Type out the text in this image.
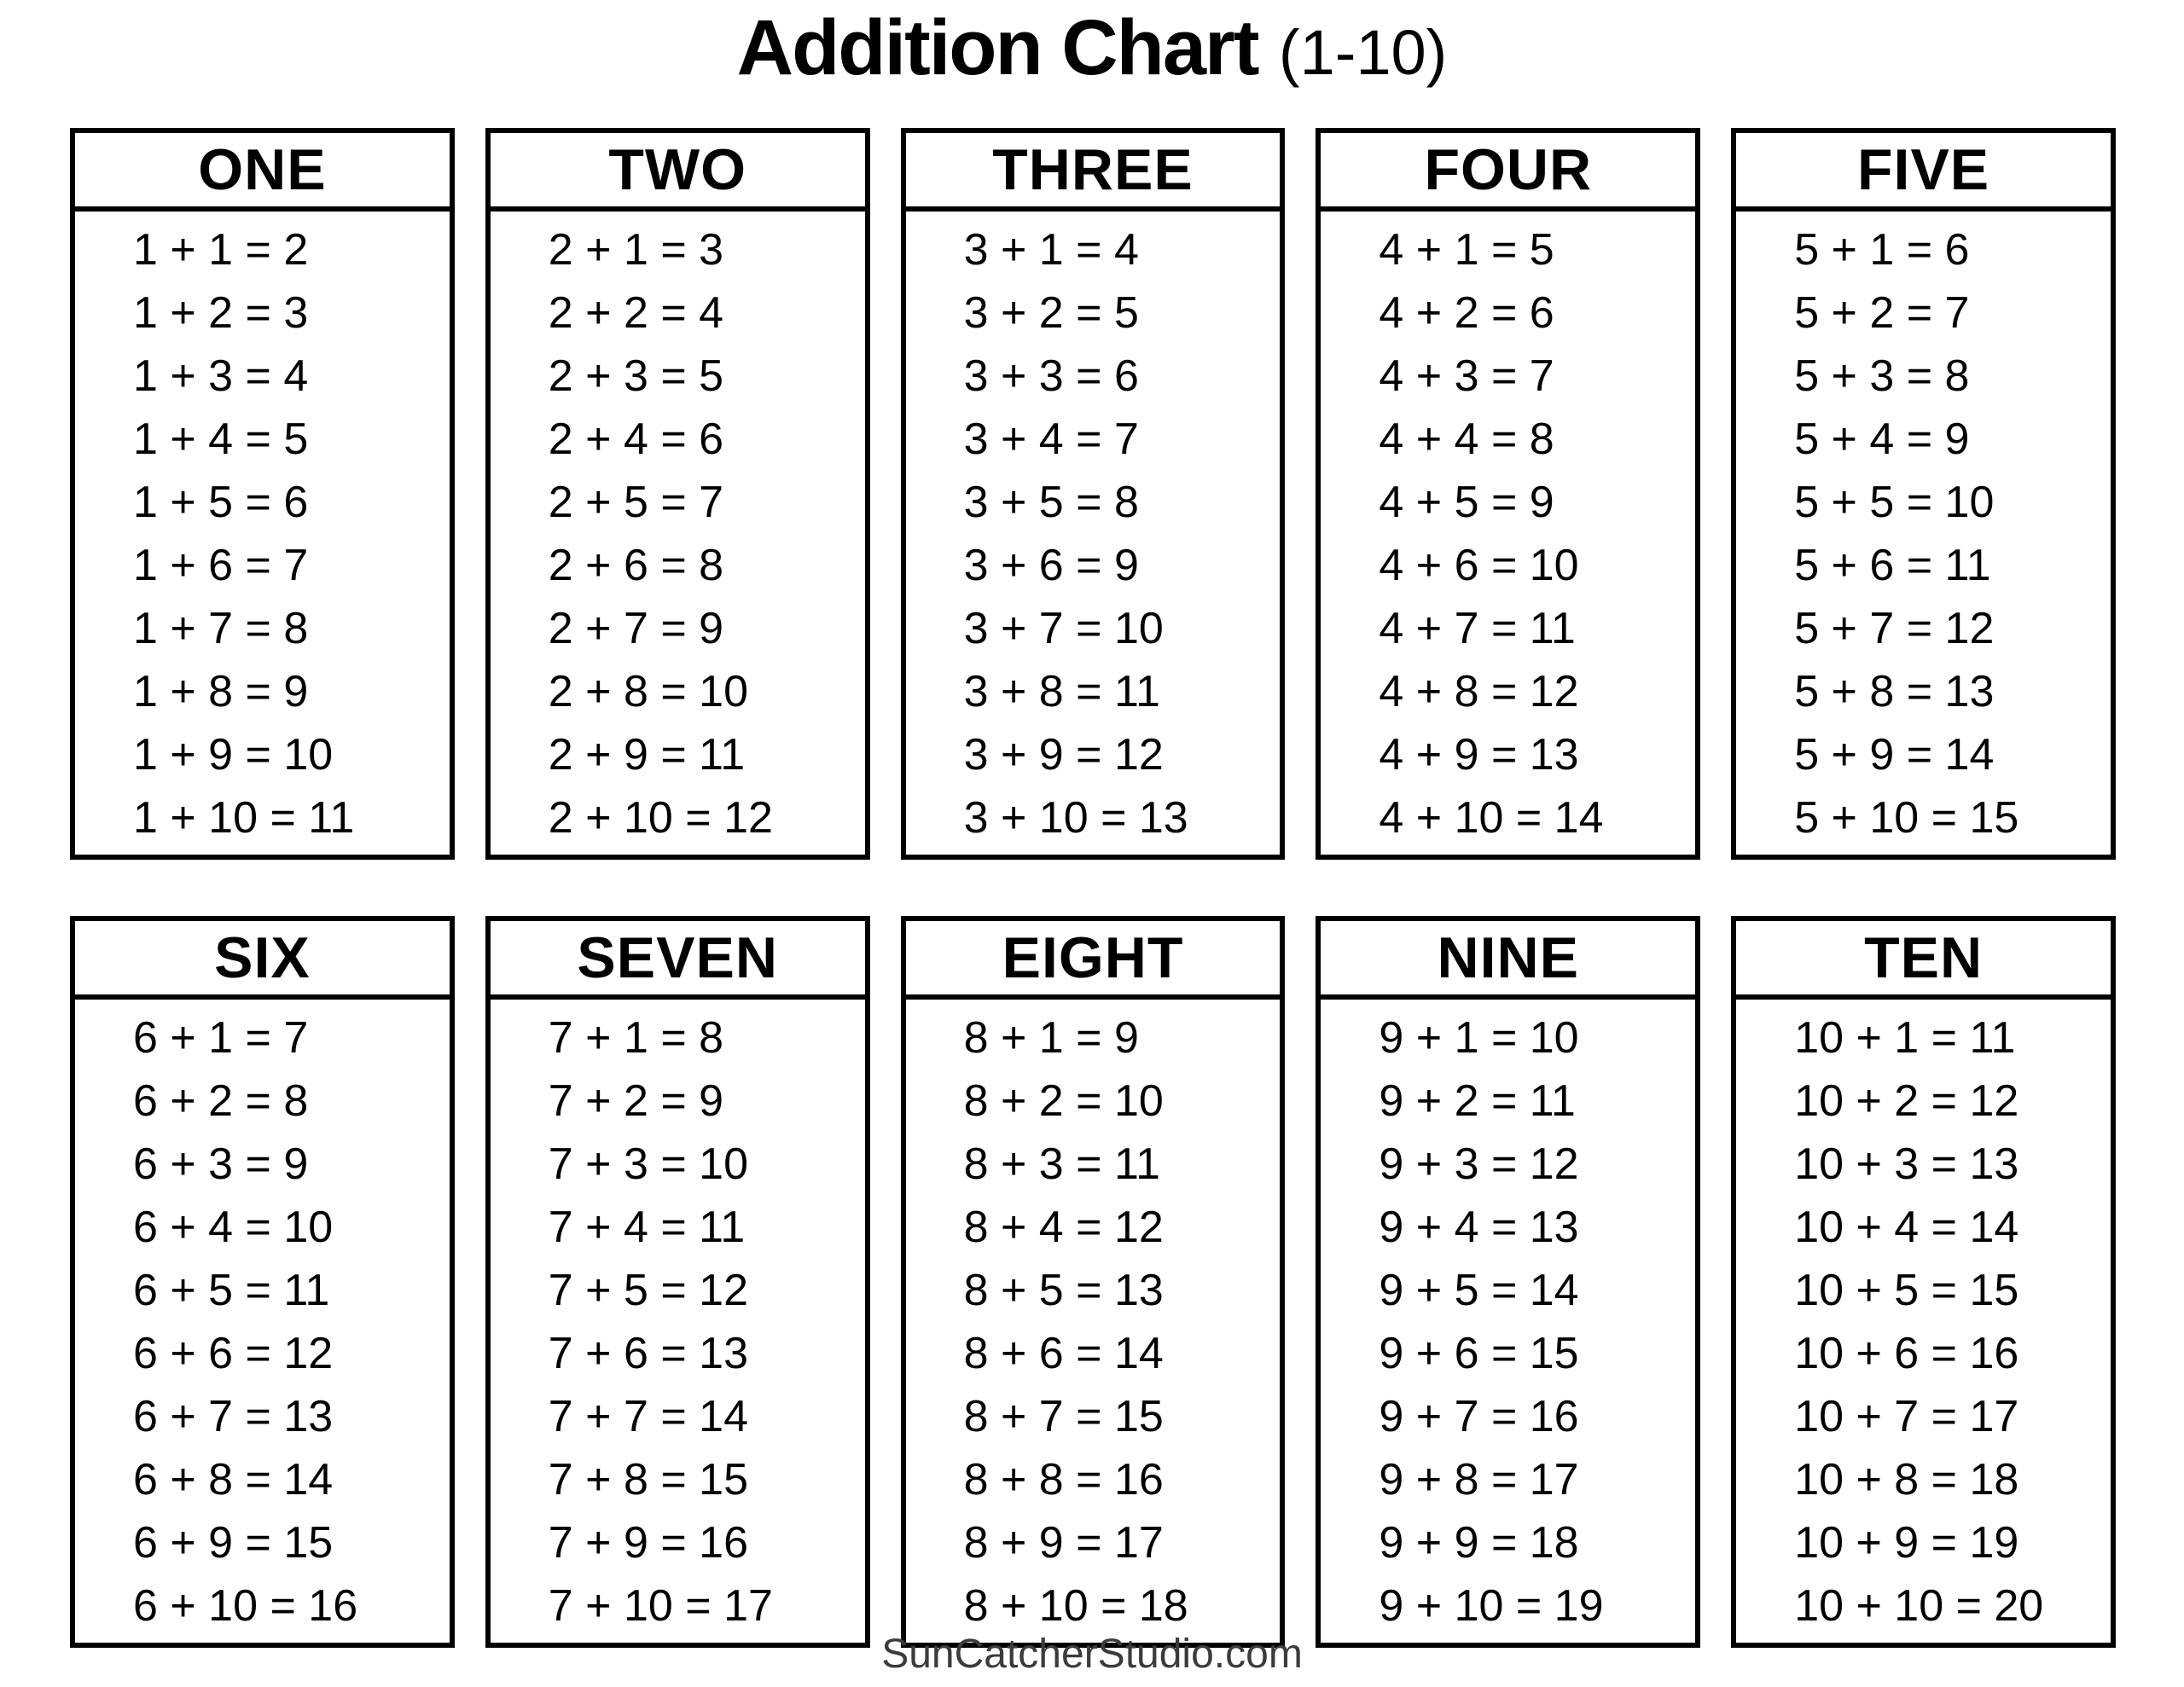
Addition Chart (1-10)
ONE
1 + 1 = 2
1 + 2 = 3
1 + 3 = 4
1 + 4 = 5
1 + 5 = 6
1 + 6 = 7
1 + 7 = 8
1 + 8 = 9
1 + 9 = 10
1 + 10 = 11
TWO
2 + 1 = 3
2 + 2 = 4
2 + 3 = 5
2 + 4 = 6
2 + 5 = 7
2 + 6 = 8
2 + 7 = 9
2 + 8 = 10
2 + 9 = 11
2 + 10 = 12
THREE
3 + 1 = 4
3 + 2 = 5
3 + 3 = 6
3 + 4 = 7
3 + 5 = 8
3 + 6 = 9
3 + 7 = 10
3 + 8 = 11
3 + 9 = 12
3 + 10 = 13
FOUR
4 + 1 = 5
4 + 2 = 6
4 + 3 = 7
4 + 4 = 8
4 + 5 = 9
4 + 6 = 10
4 + 7 = 11
4 + 8 = 12
4 + 9 = 13
4 + 10 = 14
FIVE
5 + 1 = 6
5 + 2 = 7
5 + 3 = 8
5 + 4 = 9
5 + 5 = 10
5 + 6 = 11
5 + 7 = 12
5 + 8 = 13
5 + 9 = 14
5 + 10 = 15
SIX
6 + 1 = 7
6 + 2 = 8
6 + 3 = 9
6 + 4 = 10
6 + 5 = 11
6 + 6 = 12
6 + 7 = 13
6 + 8 = 14
6 + 9 = 15
6 + 10 = 16
SEVEN
7 + 1 = 8
7 + 2 = 9
7 + 3 = 10
7 + 4 = 11
7 + 5 = 12
7 + 6 = 13
7 + 7 = 14
7 + 8 = 15
7 + 9 = 16
7 + 10 = 17
EIGHT
8 + 1 = 9
8 + 2 = 10
8 + 3 = 11
8 + 4 = 12
8 + 5 = 13
8 + 6 = 14
8 + 7 = 15
8 + 8 = 16
8 + 9 = 17
8 + 10 = 18
NINE
9 + 1 = 10
9 + 2 = 11
9 + 3 = 12
9 + 4 = 13
9 + 5 = 14
9 + 6 = 15
9 + 7 = 16
9 + 8 = 17
9 + 9 = 18
9 + 10 = 19
TEN
10 + 1 = 11
10 + 2 = 12
10 + 3 = 13
10 + 4 = 14
10 + 5 = 15
10 + 6 = 16
10 + 7 = 17
10 + 8 = 18
10 + 9 = 19
10 + 10 = 20
SunCatcherStudio.com
